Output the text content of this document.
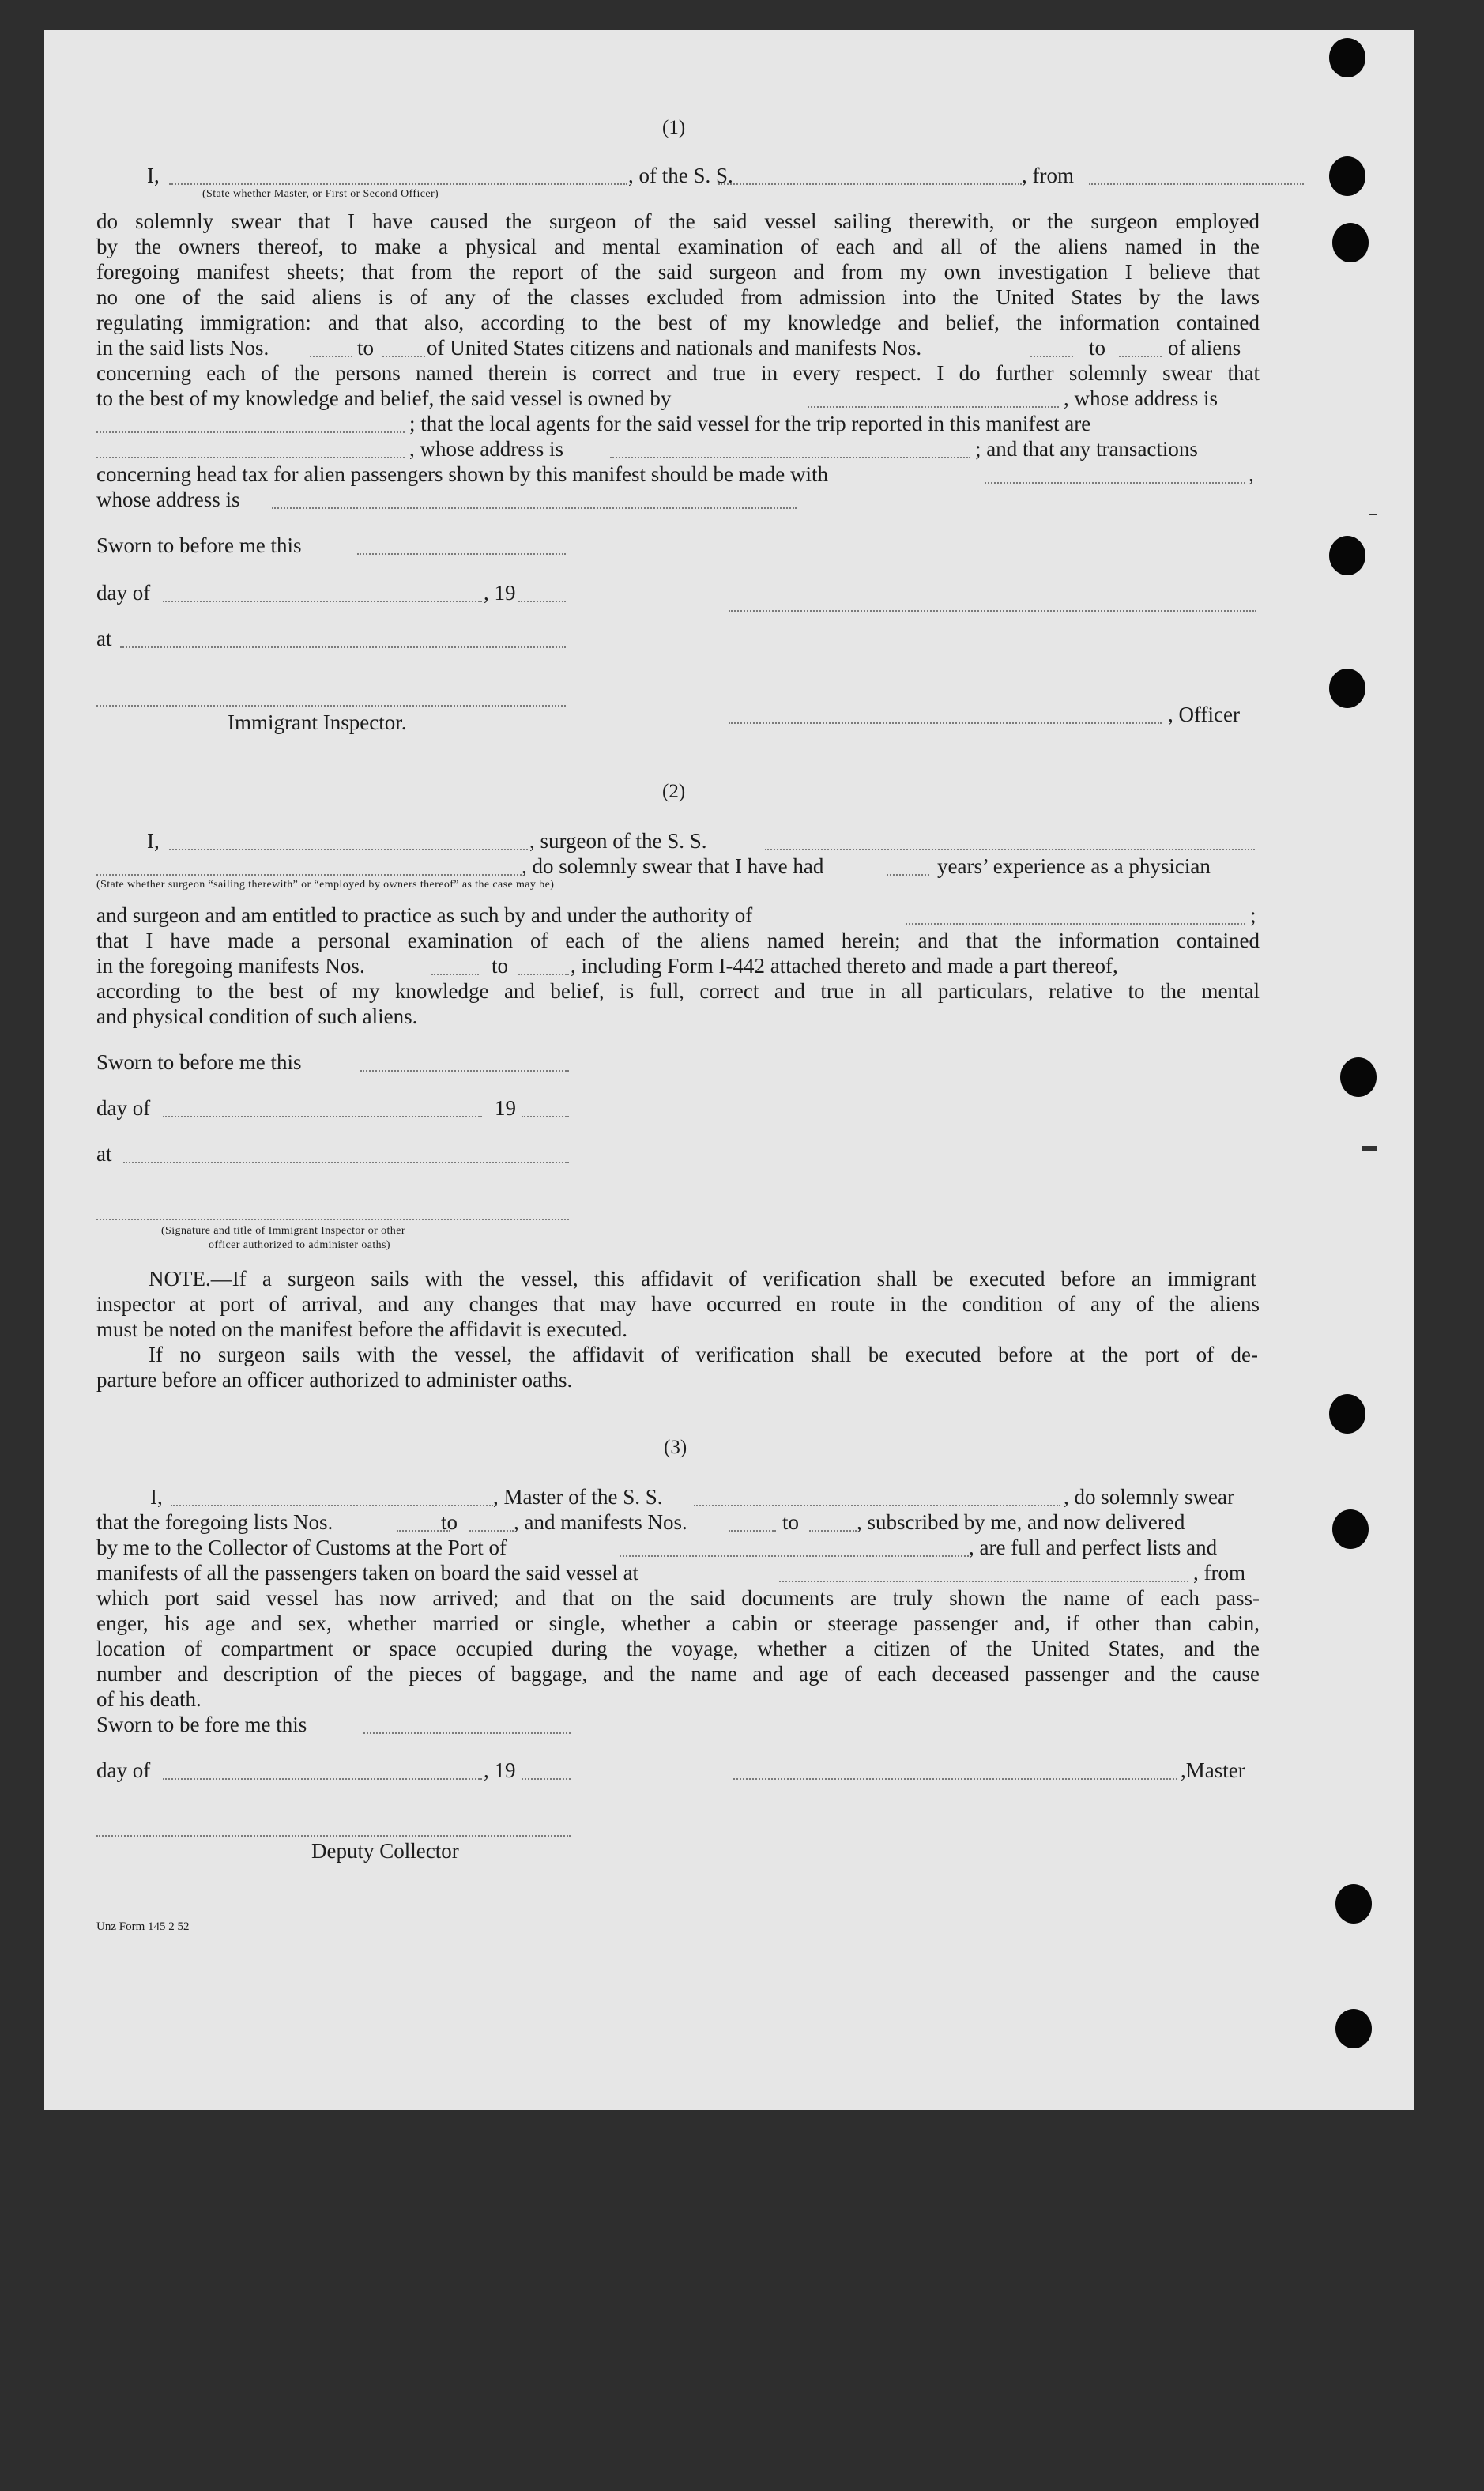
(1)
I,	, of the S. S.	, from
(State whether Master, or First or Second Officer)
do solemnly swear that I have caused the surgeon of the said vessel sailing therewith, or the surgeon employed
by the owners thereof, to make a physical and mental examination of each and all of the aliens named in the
foregoing manifest sheets; that from the report of the said surgeon and from my own investigation I believe that
no one of the said aliens is of any of the classes excluded from admission into the United States by the laws
regulating immigration: and that also, according to the best of my knowledge and belief, the information contained
in the said lists Nos.	to of United States citizens and nationals and manifests Nos.	to	of aliens
concerning each of the persons named therein is correct and true in every respect. I do further solemnly swear that
to the best of my knowledge and belief, the said vessel is owned by	, whose address is
; that the local agents for the said vessel for the trip reported in this manifest are
, whose address is	; and that any transactions
concerning head tax for alien passengers shown by this manifest should be made with	,
whose address is
Sworn to before me this
day of	, 19
at
Immigrant Inspector.	, Officer
(2)
I,	, surgeon of the S. S.
, do solemnly swear that I have had	years’ experience as a physician
(State whether surgeon “sailing therewith” or “employed by owners thereof” as the case may be)
and surgeon and am entitled to practice as such by and under the authority of	;
that I have made a personal examination of each of the aliens named herein; and that the information contained
in the foregoing manifests Nos.	to	, including Form I-442 attached thereto and made a part thereof,
according to the best of my knowledge and belief, is full, correct and true in all particulars, relative to the mental
and physical condition of such aliens.
Sworn to before me this
day of	19
at
(Signature and title of Immigrant Inspector or other
officer authorized to administer oaths)
NOTE.—If a surgeon sails with the vessel, this affidavit of verification shall be executed before an immigrant
inspector at port of arrival, and any changes that may have occurred en route in the condition of any of the aliens
must be noted on the manifest before the affidavit is executed.
If no surgeon sails with the vessel, the affidavit of verification shall be executed before at the port of de-
parture before an officer authorized to administer oaths.
(3)
I,	, Master of the S. S.	, do solemnly swear
that the foregoing lists Nos.	to	, and manifests Nos.	to	, subscribed by me, and now delivered
by me to the Collector of Customs at the Port of	, are full and perfect lists and
manifests of all the passengers taken on board the said vessel at	, from
which port said vessel has now arrived; and that on the said documents are truly shown the name of each pass-
enger, his age and sex, whether married or single, whether a cabin or steerage passenger and, if other than cabin,
location of compartment or space occupied during the voyage, whether a citizen of the United States, and the
number and description of the pieces of baggage, and the name and age of each deceased passenger and the cause
of his death.
Sworn to be fore me this
day of	, 19	,Master
Deputy Collector
Unz Form 145 2 52
